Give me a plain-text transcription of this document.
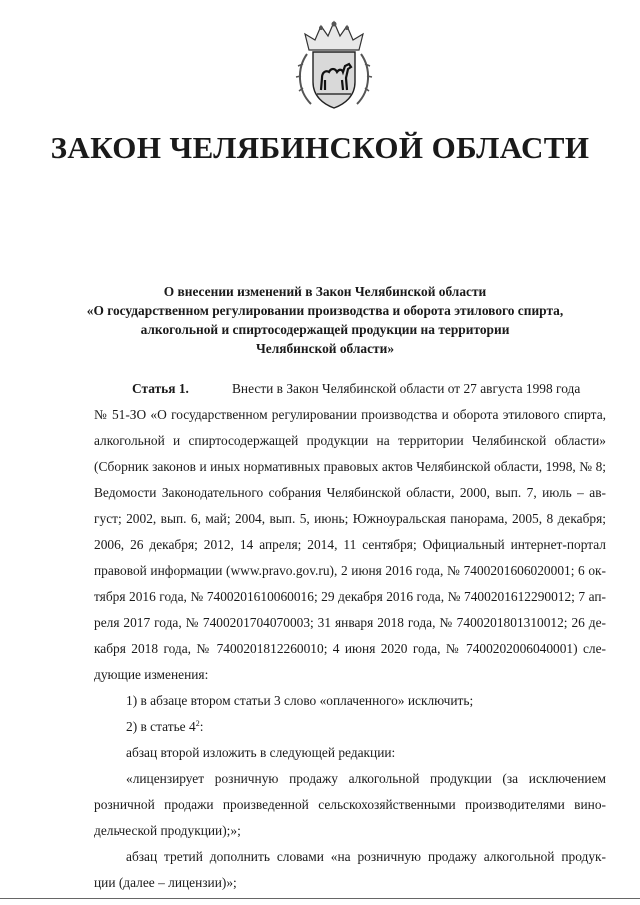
ЗАКОН ЧЕЛЯБИНСКОЙ ОБЛАСТИ
О внесении изменений в Закон Челябинской области
«О государственном регулировании производства и оборота этилового спирта,
алкогольной и спиртосодержащей продукции на территории
Челябинской области»
Статья 1.	Внести в Закон Челябинской области от 27 августа 1998 года
№ 51-ЗО «О государственном регулировании производства и оборота этилового спирта,
алкогольной и спиртосодержащей продукции на территории Челябинской области»
(Сборник законов и иных нормативных правовых актов Челябинской области, 1998, № 8;
Ведомости Законодательного собрания Челябинской области, 2000, вып. 7, июль – ав-
густ; 2002, вып. 6, май; 2004, вып. 5, июнь; Южноуральская панорама, 2005, 8 декабря;
2006, 26 декабря; 2012, 14 апреля; 2014, 11 сентября; Официальный интернет-портал
правовой информации (www.pravo.gov.ru), 2 июня 2016 года, № 7400201606020001; 6 ок-
тября 2016 года, № 7400201610060016; 29 декабря 2016 года, № 7400201612290012; 7 ап-
реля 2017 года, № 7400201704070003; 31 января 2018 года, № 7400201801310012; 26 де-
кабря 2018 года, № 7400201812260010; 4 июня 2020 года, № 7400202006040001) сле-
дующие изменения:
1) в абзаце втором статьи 3 слово «оплаченного» исключить;
2) в статье $4^2$:
абзац второй изложить в следующей редакции:
«лицензирует розничную продажу алкогольной продукции (за исключением
розничной продажи произведенной сельскохозяйственными производителями вино-
дельческой продукции);»;
абзац третий дополнить словами «на розничную продажу алкогольной продук-
ции (далее – лицензии)»;
